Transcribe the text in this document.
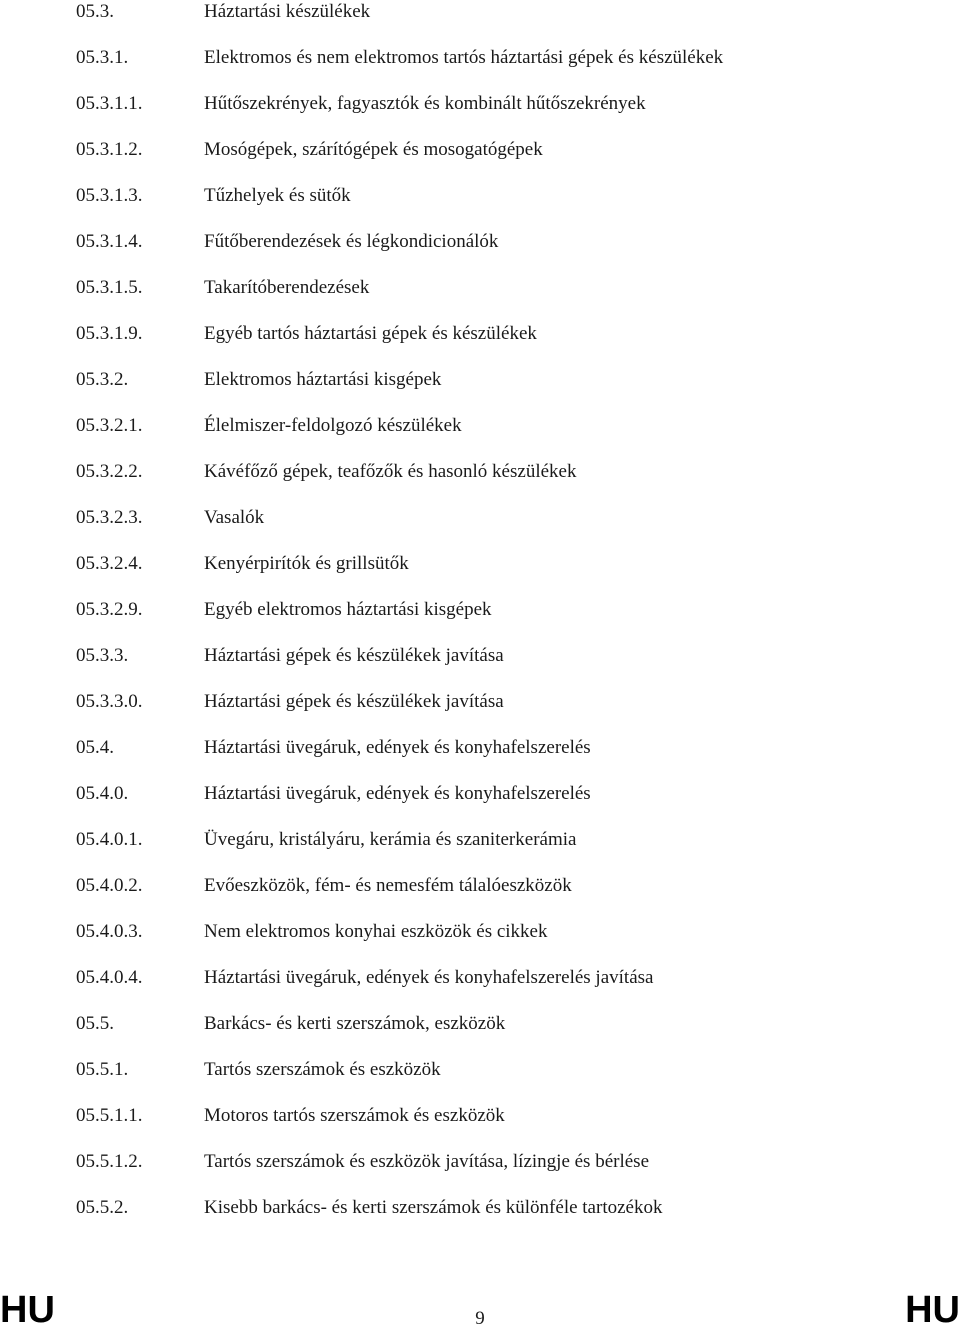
05.3.	Háztartási készülékek
05.3.1.	Elektromos és nem elektromos tartós háztartási gépek és készülékek
05.3.1.1.	Hűtőszekrények, fagyasztók és kombinált hűtőszekrények
05.3.1.2.	Mosógépek, szárítógépek és mosogatógépek
05.3.1.3.	Tűzhelyek és sütők
05.3.1.4.	Fűtőberendezések és légkondicionálók
05.3.1.5.	Takarítóberendezések
05.3.1.9.	Egyéb tartós háztartási gépek és készülékek
05.3.2.	Elektromos háztartási kisgépek
05.3.2.1.	Élelmiszer-feldolgozó készülékek
05.3.2.2.	Kávéfőző gépek, teafőzők és hasonló készülékek
05.3.2.3.	Vasalók
05.3.2.4.	Kenyérpirítók és grillsütők
05.3.2.9.	Egyéb elektromos háztartási kisgépek
05.3.3.	Háztartási gépek és készülékek javítása
05.3.3.0.	Háztartási gépek és készülékek javítása
05.4.	Háztartási üvegáruk, edények és konyhafelszerelés
05.4.0.	Háztartási üvegáruk, edények és konyhafelszerelés
05.4.0.1.	Üvegáru, kristályáru, kerámia és szaniterkerámia
05.4.0.2.	Evőeszközök, fém- és nemesfém tálalóeszközök
05.4.0.3.	Nem elektromos konyhai eszközök és cikkek
05.4.0.4.	Háztartási üvegáruk, edények és konyhafelszerelés javítása
05.5.	Barkács- és kerti szerszámok, eszközök
05.5.1.	Tartós szerszámok és eszközök
05.5.1.1.	Motoros tartós szerszámok és eszközök
05.5.1.2.	Tartós szerszámok és eszközök javítása, lízingje és bérlése
05.5.2.	Kisebb barkács- és kerti szerszámok és különféle tartozékok
HU	9	HU
